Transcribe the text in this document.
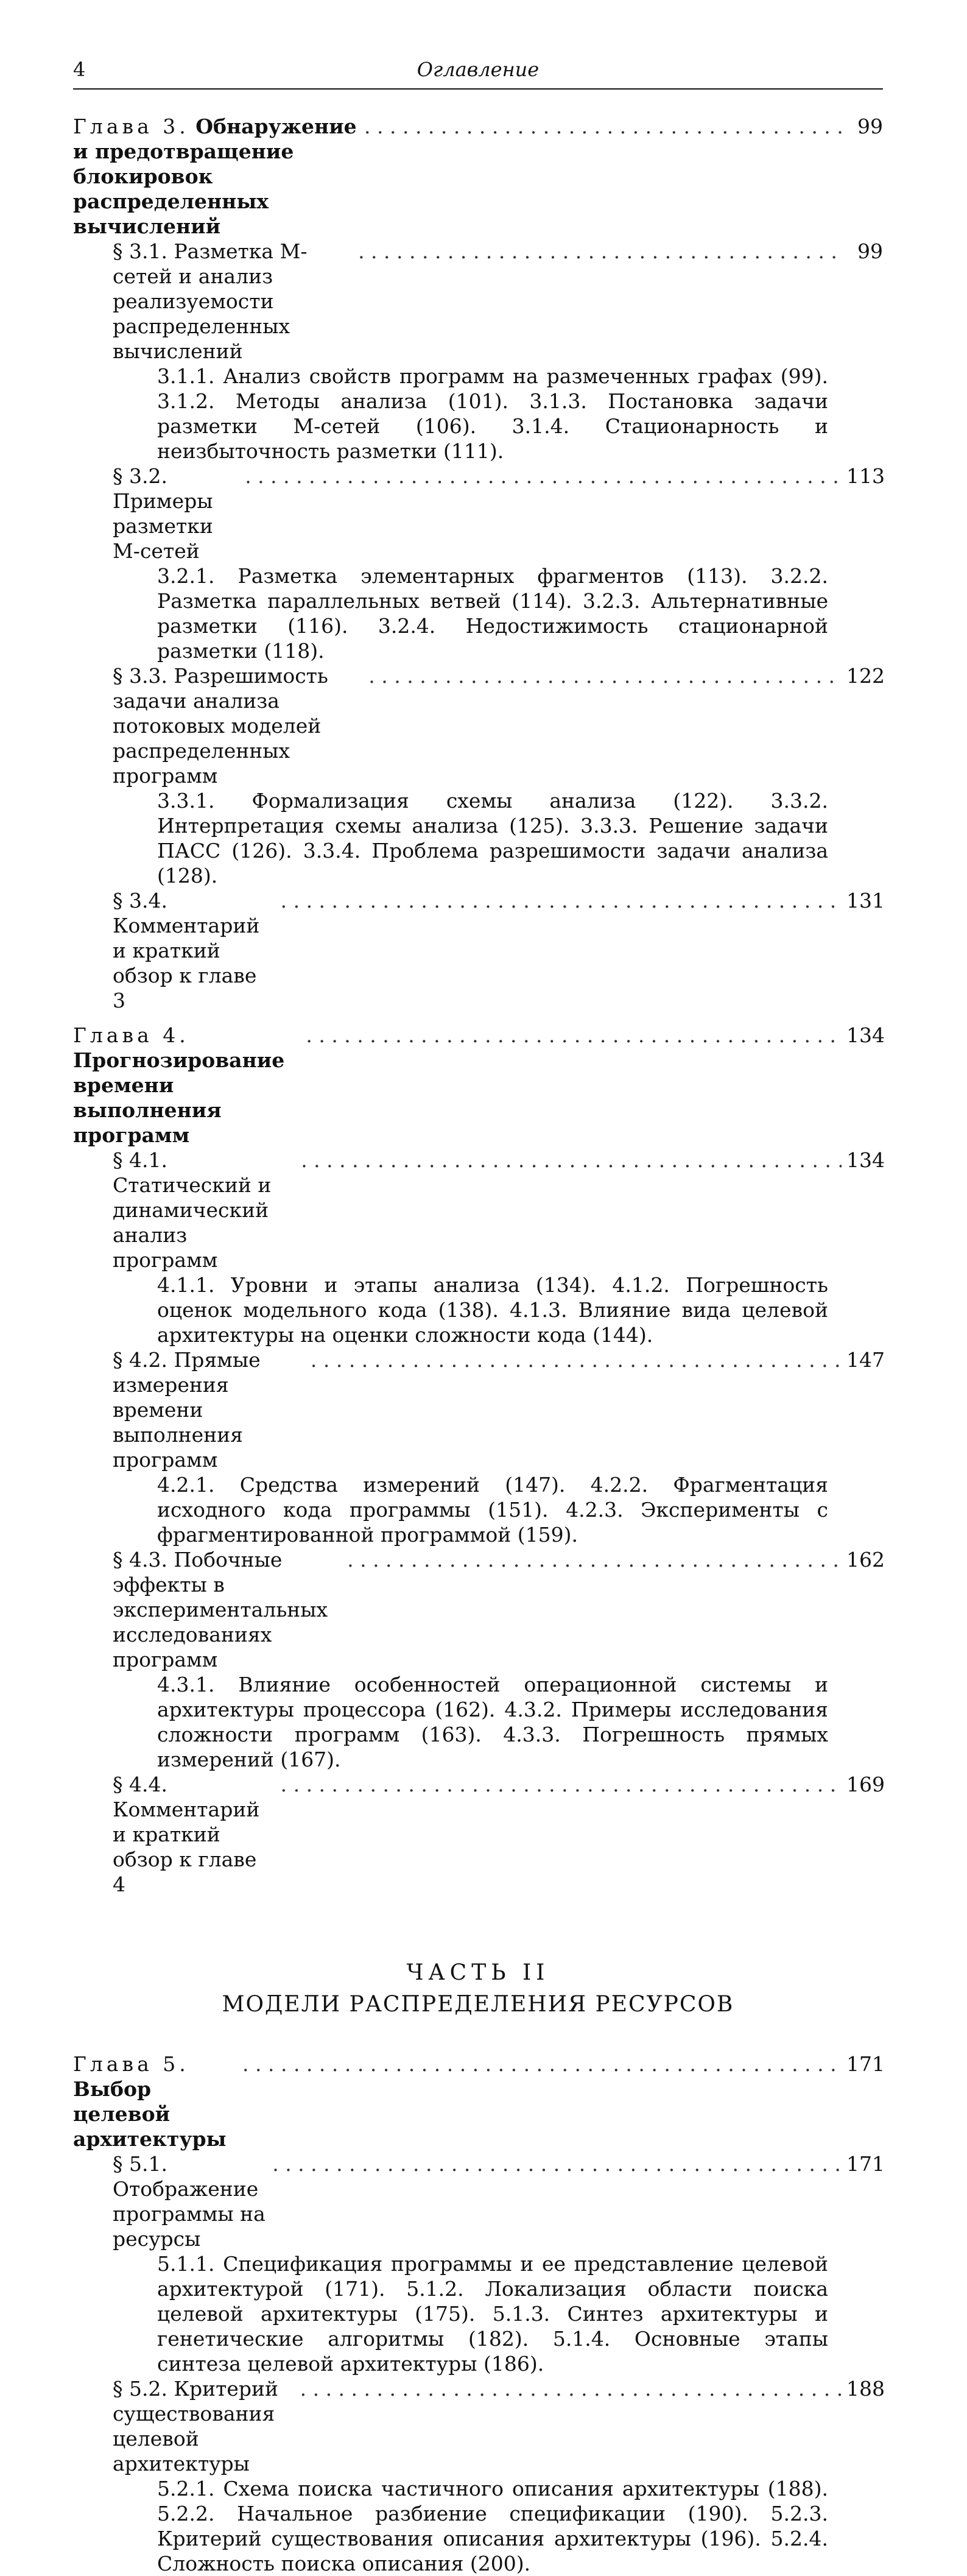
4	Оглавление
Глава 3. Обнаружение и предотвращение блокировок распределенных вычислений
. . .
99
§ 3.1. Разметка М-сетей и анализ реализуемости распределенных вычислений
. . .
99
3.1.1. Анализ свойств программ на размеченных графах (99). 3.1.2. Методы анализа (101). 3.1.3. Постановка задачи разметки М-сетей (106). 3.1.4. Стационарность и неизбыточность разметки (111).
§ 3.2. Примеры разметки М-сетей
. . .
113
3.2.1. Разметка элементарных фрагментов (113). 3.2.2. Разметка параллельных ветвей (114). 3.2.3. Альтернативные разметки (116). 3.2.4. Недостижимость стационарной разметки (118).
§ 3.3. Разрешимость задачи анализа потоковых моделей распределенных программ
. . .
122
3.3.1. Формализация схемы анализа (122). 3.3.2. Интерпретация схемы анализа (125). 3.3.3. Решение задачи ПАСС (126). 3.3.4. Проблема разрешимости задачи анализа (128).
§ 3.4. Комментарий и краткий обзор к главе 3
. . .
131
Глава 4. Прогнозирование времени выполнения программ
. . .
134
§ 4.1. Статический и динамический анализ программ
. . .
134
4.1.1. Уровни и этапы анализа (134). 4.1.2. Погрешность оценок модельного кода (138). 4.1.3. Влияние вида целевой архитектуры на оценки сложности кода (144).
§ 4.2. Прямые измерения времени выполнения программ
. . .
147
4.2.1. Средства измерений (147). 4.2.2. Фрагментация исходного кода программы (151). 4.2.3. Эксперименты с фрагментированной программой (159).
§ 4.3. Побочные эффекты в экспериментальных исследованиях программ
. . .
162
4.3.1. Влияние особенностей операционной системы и архитектуры процессора (162). 4.3.2. Примеры исследования сложности программ (163). 4.3.3. Погрешность прямых измерений (167).
§ 4.4. Комментарий и краткий обзор к главе 4
. . .
169
ЧАСТЬ II
МОДЕЛИ РАСПРЕДЕЛЕНИЯ РЕСУРСОВ
Глава 5. Выбор целевой архитектуры
. . .
171
§ 5.1. Отображение программы на ресурсы
. . .
171
5.1.1. Спецификация программы и ее представление целевой архитектурой (171). 5.1.2. Локализация области поиска целевой архитектуры (175). 5.1.3. Синтез архитектуры и генетические алгоритмы (182). 5.1.4. Основные этапы синтеза целевой архитектуры (186).
§ 5.2. Критерий существования целевой архитектуры
. . .
188
5.2.1. Схема поиска частичного описания архитектуры (188). 5.2.2. Начальное разбиение спецификации (190). 5.2.3. Критерий существования описания архитектуры (196). 5.2.4. Сложность поиска описания (200).
